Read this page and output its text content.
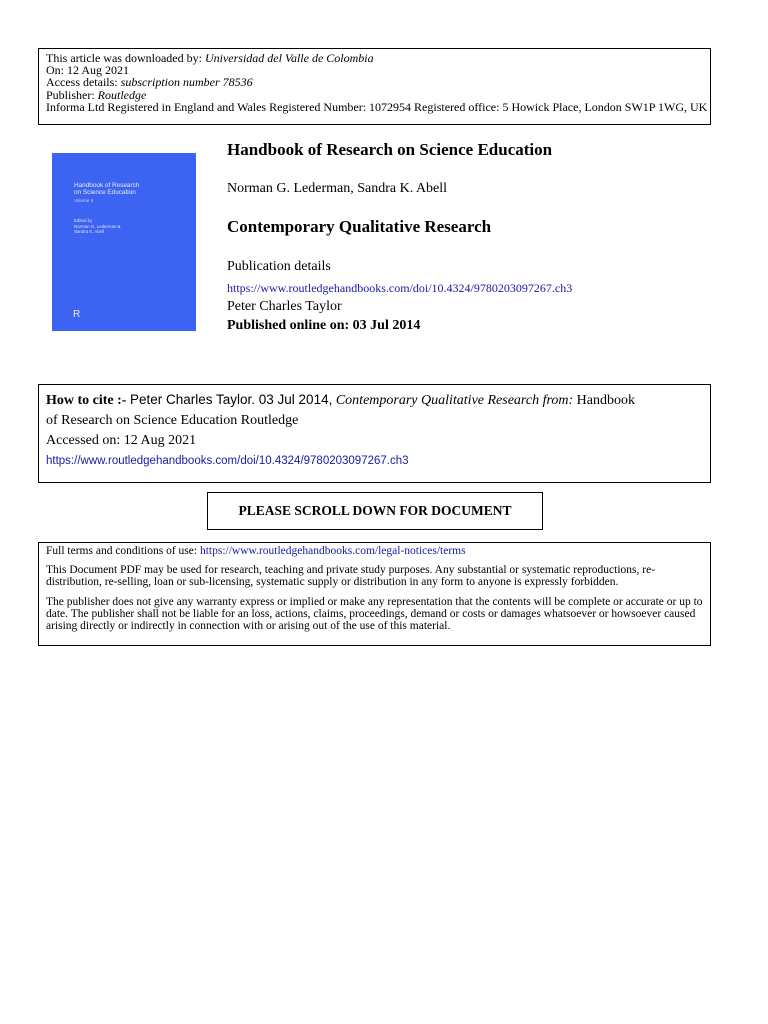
This article was downloaded by: Universidad del Valle de Colombia
On: 12 Aug 2021
Access details: subscription number 78536
Publisher: Routledge
Informa Ltd Registered in England and Wales Registered Number: 1072954 Registered office: 5 Howick Place, London SW1P 1WG, UK
Handbook of Research
on Science Education
Volume II
Edited by
Norman G. Lederman &
Sandra K. Abell
R
Handbook of Research on Science Education
Norman G. Lederman, Sandra K. Abell
Contemporary Qualitative Research
Publication details
https://www.routledgehandbooks.com/doi/10.4324/9780203097267.ch3
Peter Charles Taylor
Published online on: 03 Jul 2014
How to cite :- Peter Charles Taylor. 03 Jul 2014, Contemporary Qualitative Research from: Handbook
of Research on Science Education Routledge
Accessed on: 12 Aug 2021
https://www.routledgehandbooks.com/doi/10.4324/9780203097267.ch3
PLEASE SCROLL DOWN FOR DOCUMENT

Full terms and conditions of use: https://www.routledgehandbooks.com/legal-notices/terms

This Document PDF may be used for research, teaching and private study purposes. Any substantial or systematic reproductions, re-distribution, re-selling, loan or sub-licensing, systematic supply or distribution in any form to anyone is expressly forbidden.

The publisher does not give any warranty express or implied or make any representation that the contents will be complete or accurate or up to date. The publisher shall not be liable for an loss, actions, claims, proceedings, demand or costs or damages whatsoever or howsoever caused arising directly or indirectly in connection with or arising out of the use of this material.
